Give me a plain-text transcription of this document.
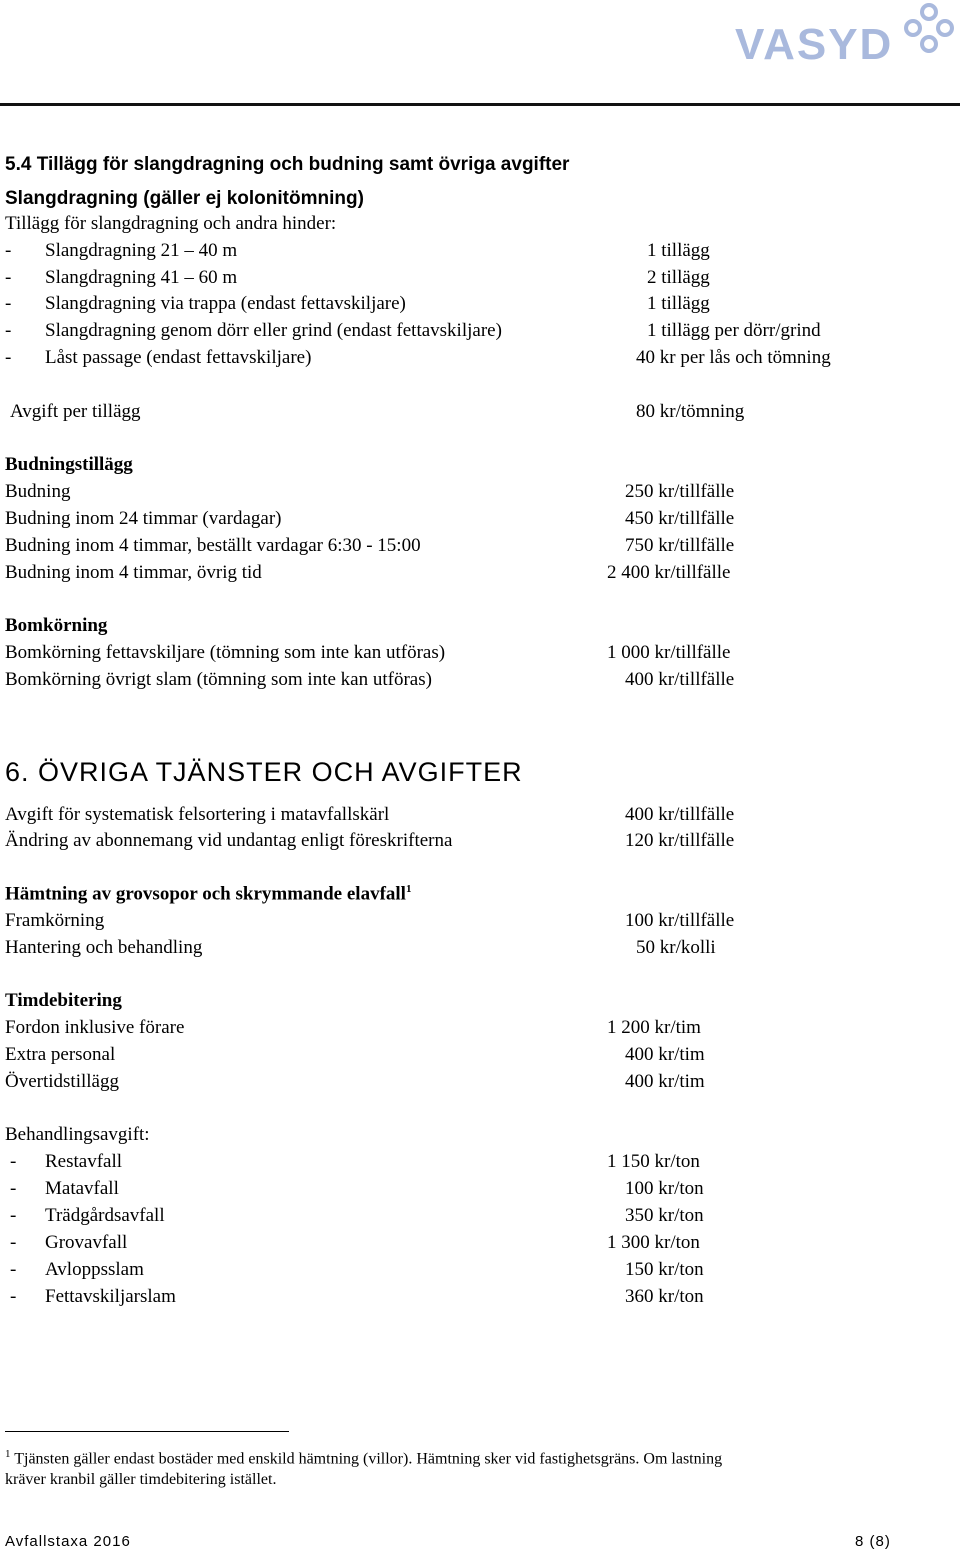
VASYD
5.4 Tillägg för slangdragning och budning samt övriga avgifter
Slangdragning (gäller ej kolonitömning)
Tillägg för slangdragning och andra hinder:
- Slangdragning 21 – 40 m	1 tillägg
- Slangdragning 41 – 60 m	2 tillägg
- Slangdragning via trappa (endast fettavskiljare)	1 tillägg
- Slangdragning genom dörr eller grind (endast fettavskiljare)	1 tillägg per dörr/grind
- Låst passage (endast fettavskiljare)	40 kr per lås och tömning
Avgift per tillägg	80 kr/tömning
Budningstillägg
Budning	250 kr/tillfälle
Budning inom 24 timmar (vardagar)	450 kr/tillfälle
Budning inom 4 timmar, beställt vardagar 6:30 - 15:00	750 kr/tillfälle
Budning inom 4 timmar, övrig tid	2 400 kr/tillfälle
Bomkörning
Bomkörning fettavskiljare (tömning som inte kan utföras)	1 000 kr/tillfälle
Bomkörning övrigt slam (tömning som inte kan utföras)	400 kr/tillfälle
6. ÖVRIGA TJÄNSTER OCH AVGIFTER
Avgift för systematisk felsortering i matavfallskärl	400 kr/tillfälle
Ändring av abonnemang vid undantag enligt föreskrifterna	120 kr/tillfälle
Hämtning av grovsopor och skrymmande elavfall$^1$
Framkörning	100 kr/tillfälle
Hantering och behandling	50 kr/kolli
Timdebitering
Fordon inklusive förare	1 200 kr/tim
Extra personal	400 kr/tim
Övertidstillägg	400 kr/tim
Behandlingsavgift:
- Restavfall	1 150 kr/ton
- Matavfall	100 kr/ton
- Trädgårdsavfall	350 kr/ton
- Grovavfall	1 300 kr/ton
- Avloppsslam	150 kr/ton
- Fettavskiljarslam	360 kr/ton
$^1$ Tjänsten gäller endast bostäder med enskild hämtning (villor). Hämtning sker vid fastighetsgräns. Om lastning
kräver kranbil gäller timdebitering istället.
Avfallstaxa 2016	8 (8)
